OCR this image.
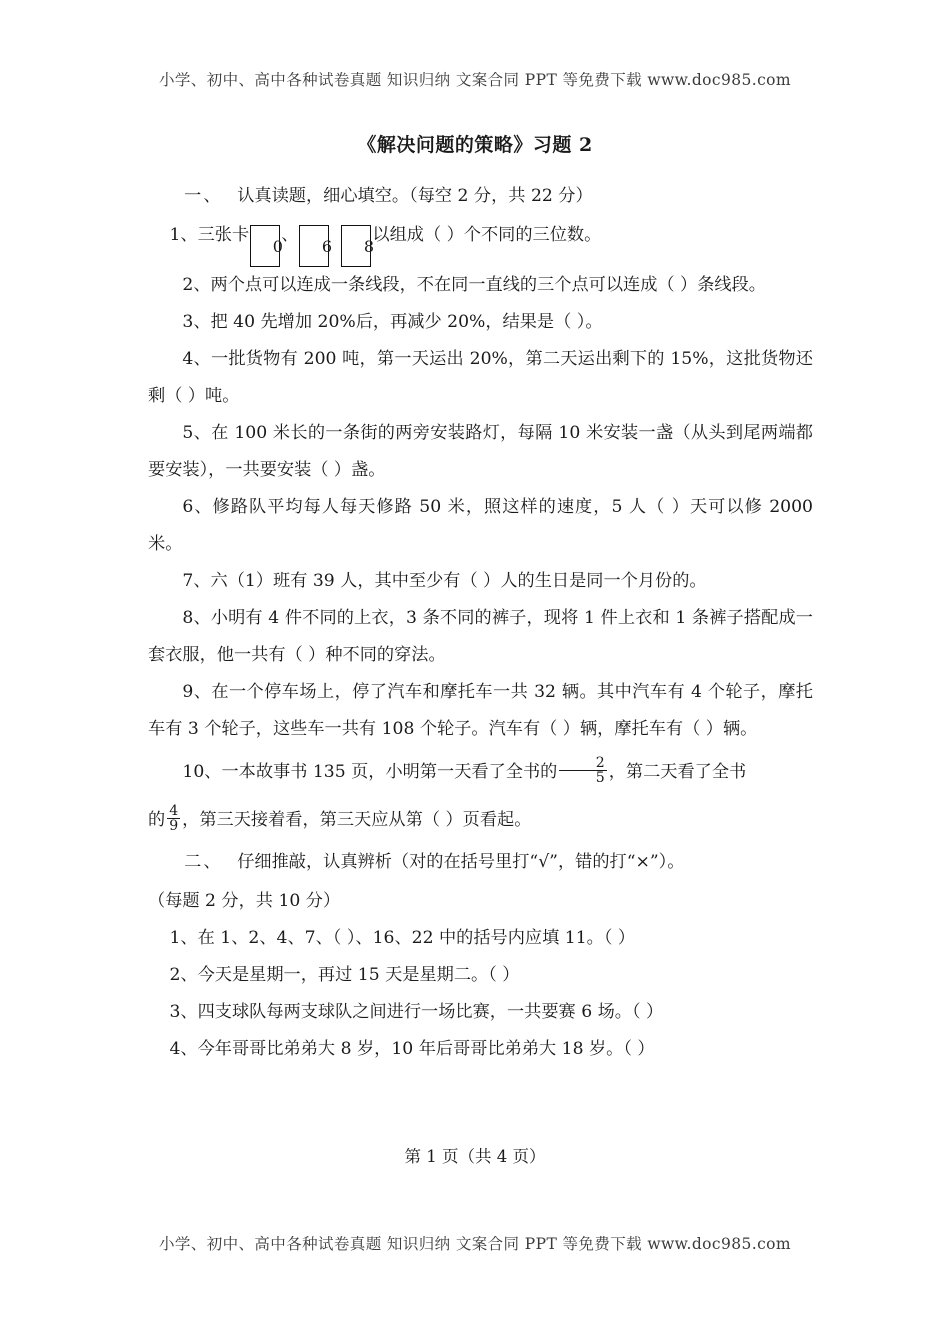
小学、初中、高中各种试卷真题 知识归纳 文案合同 PPT 等免费下载 www.doc985.com
《解决问题的策略》习题 2
一、 认真读题，细心填空。（每空 2 分，共 22 分）
1、三张卡0、6 8以组成（ ）个不同的三位数。
2、两个点可以连成一条线段，不在同一直线的三个点可以连成（ ）条线段。
3、把 40 先增加 20%后，再减少 20%，结果是（ ）。
4、一批货物有 200 吨，第一天运出 20%，第二天运出剩下的 15%，这批货物还剩（ ）吨。
5、在 100 米长的一条街的两旁安装路灯，每隔 10 米安装一盏（从头到尾两端都要安装），一共要安装（ ）盏。
6、修路队平均每人每天修路 50 米，照这样的速度，5 人（ ）天可以修 2000 米。
7、六（1）班有 39 人，其中至少有（ ）人的生日是同一个月份的。
8、小明有 4 件不同的上衣，3 条不同的裤子，现将 1 件上衣和 1 条裤子搭配成一套衣服，他一共有（ ）种不同的穿法。
9、在一个停车场上，停了汽车和摩托车一共 32 辆。其中汽车有 4 个轮子，摩托车有 3 个轮子，这些车一共有 108 个轮子。汽车有（ ）辆，摩托车有（ ）辆。
10、一本故事书 135 页，小明第一天看了全书的 $\frac{2}{5}$ ，第二天看了全书
的 $\frac{4}{9}$ ，第三天接着看，第三天应从第（ ）页看起。
二、 仔细推敲，认真辨析（对的在括号里打“√”，错的打“×”）。
（每题 2 分，共 10 分）
1、在 1、2、4、7、（ ）、16、22 中的括号内应填 11。（ ）
2、今天是星期一，再过 15 天是星期二。（ ）
3、四支球队每两支球队之间进行一场比赛，一共要赛 6 场。（ ）
4、今年哥哥比弟弟大 8 岁，10 年后哥哥比弟弟大 18 岁。（ ）
第 1 页（共 4 页）
小学、初中、高中各种试卷真题 知识归纳 文案合同 PPT 等免费下载 www.doc985.com
